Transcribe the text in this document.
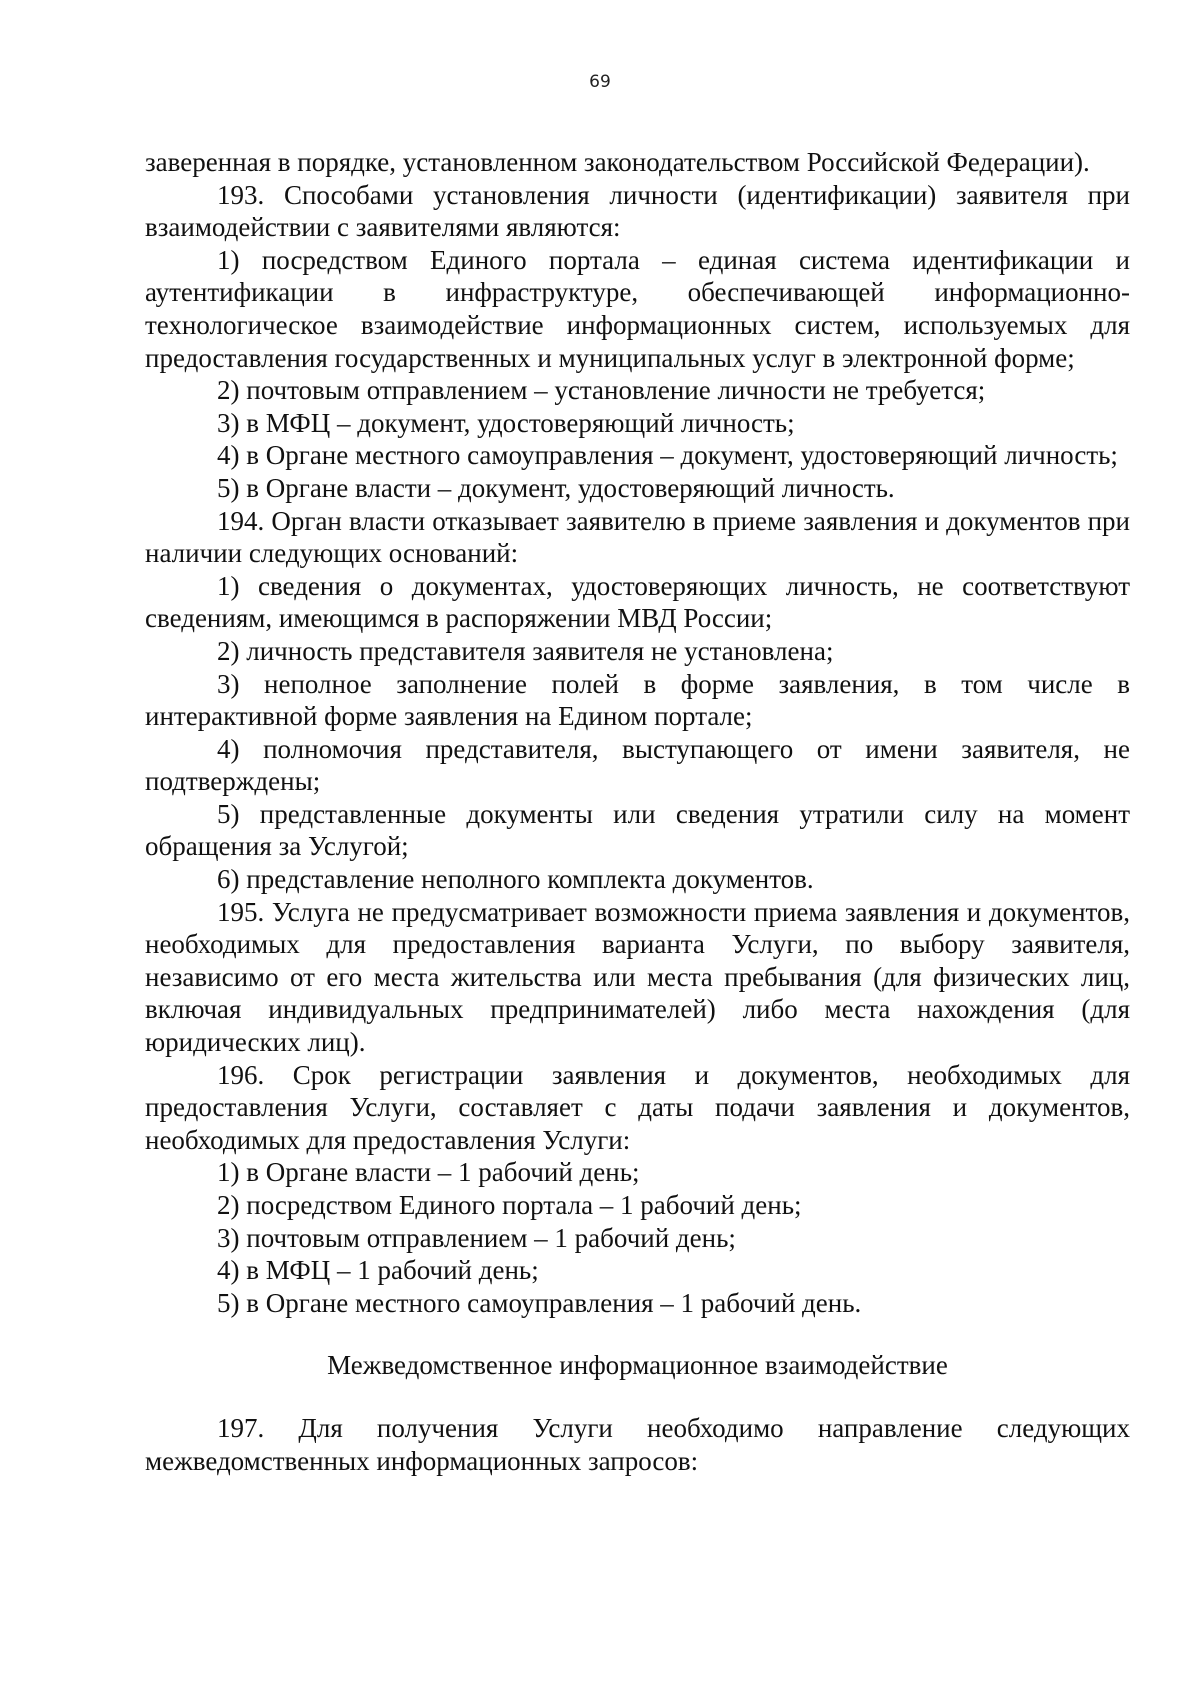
69

заверенная в порядке, установленном законодательством Российской Федерации).

193. Способами установления личности (идентификации) заявителя при взаимодействии с заявителями являются:

1) посредством Единого портала – единая система идентификации и аутентификации в инфраструктуре, обеспечивающей информационно-технологическое взаимодействие информационных систем, используемых для предоставления государственных и муниципальных услуг в электронной форме;

2) почтовым отправлением – установление личности не требуется;

3) в МФЦ – документ, удостоверяющий личность;

4) в Органе местного самоуправления – документ, удостоверяющий личность;

5) в Органе власти – документ, удостоверяющий личность.

194. Орган власти отказывает заявителю в приеме заявления и документов при наличии следующих оснований:

1) сведения о документах, удостоверяющих личность, не соответствуют сведениям, имеющимся в распоряжении МВД России;

2) личность представителя заявителя не установлена;

3) неполное заполнение полей в форме заявления, в том числе в интерактивной форме заявления на Едином портале;

4) полномочия представителя, выступающего от имени заявителя, не подтверждены;

5) представленные документы или сведения утратили силу на момент обращения за Услугой;

6) представление неполного комплекта документов.

195. Услуга не предусматривает возможности приема заявления и документов, необходимых для предоставления варианта Услуги, по выбору заявителя, независимо от его места жительства или места пребывания (для физических лиц, включая индивидуальных предпринимателей) либо места нахождения (для юридических лиц).

196. Срок регистрации заявления и документов, необходимых для предоставления Услуги, составляет с даты подачи заявления и документов, необходимых для предоставления Услуги:

1) в Органе власти – 1 рабочий день;

2) посредством Единого портала – 1 рабочий день;

3) почтовым отправлением – 1 рабочий день;

4) в МФЦ – 1 рабочий день;

5) в Органе местного самоуправления – 1 рабочий день.

Межведомственное информационное взаимодействие

197. Для получения Услуги необходимо направление следующих межведомственных информационных запросов:
